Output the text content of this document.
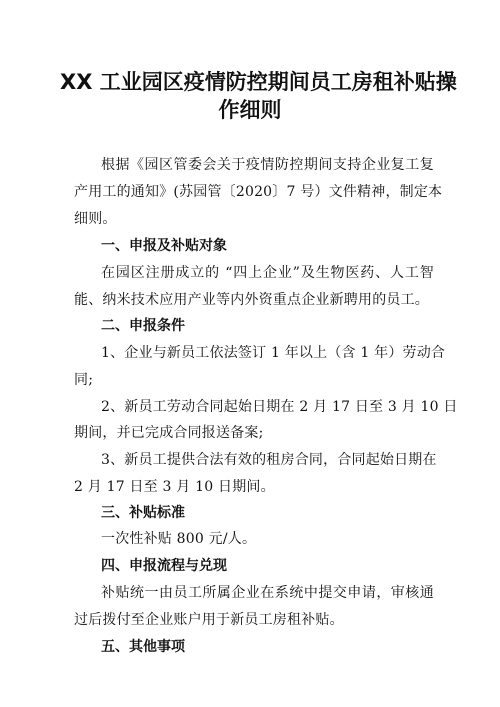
XX 工业园区疫情防控期间员工房租补贴操
作细则
根据《园区管委会关于疫情防控期间支持企业复工复
产用工的通知》(苏园管〔2020〕7 号）文件精神，制定本
细则。
一、申报及补贴对象
在园区注册成立的 “四上企业”及生物医药、人工智
能、纳米技术应用产业等内外资重点企业新聘用的员工。
二、申报条件
1、企业与新员工依法签订 1 年以上（含 1 年）劳动合
同;
2、新员工劳动合同起始日期在 2 月 17 日至 3 月 10 日
期间，并已完成合同报送备案;
3、新员工提供合法有效的租房合同，合同起始日期在
2 月 17 日至 3 月 10 日期间。
三、补贴标准
一次性补贴 800 元/人。
四、申报流程与兑现
补贴统一由员工所属企业在系统中提交申请，审核通
过后拨付至企业账户用于新员工房租补贴。
五、其他事项
